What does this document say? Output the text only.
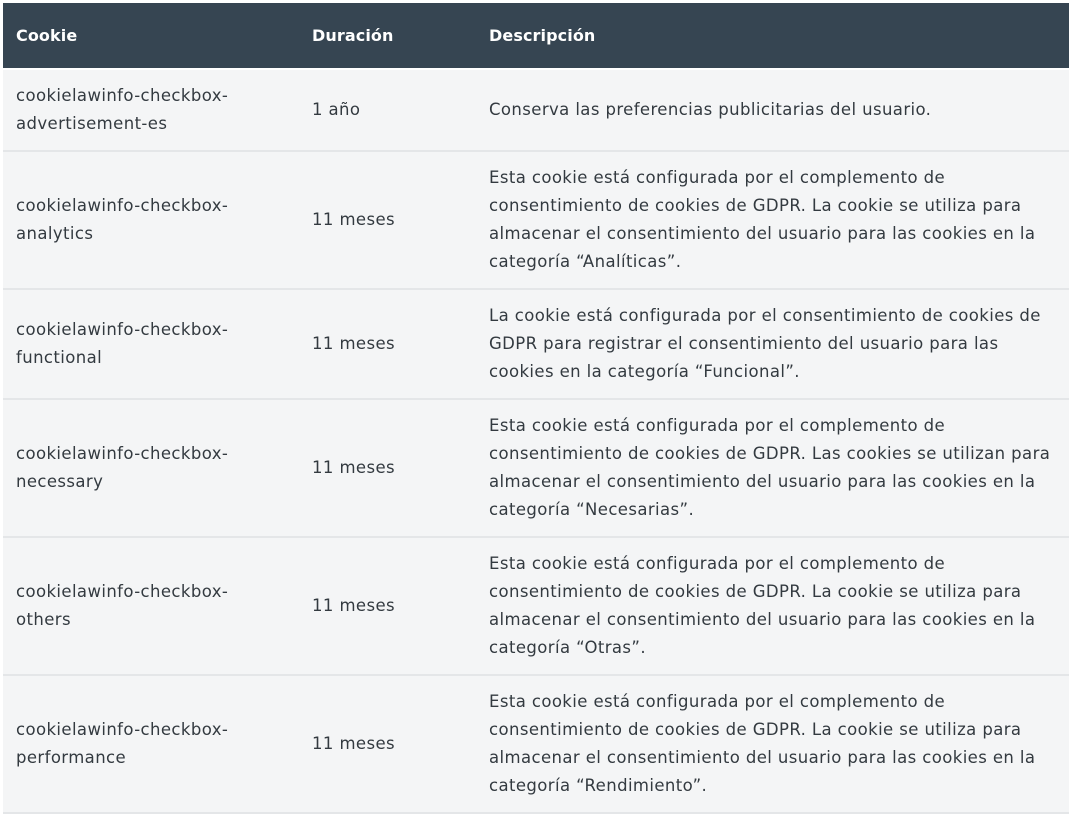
Cookie	Duración	Descripción
cookielawinfo-checkbox-
advertisement-es	1 año	Conserva las preferencias publicitarias del usuario.
cookielawinfo-checkbox-
analytics	11 meses	Esta cookie está configurada por el complemento de consentimiento de cookies de GDPR. La cookie se utiliza para almacenar el consentimiento del usuario para las cookies en la categoría “Analíticas”.
cookielawinfo-checkbox-
functional	11 meses	La cookie está configurada por el consentimiento de cookies de GDPR para registrar el consentimiento del usuario para las cookies en la categoría “Funcional”.
cookielawinfo-checkbox-
necessary	11 meses	Esta cookie está configurada por el complemento de consentimiento de cookies de GDPR. Las cookies se utilizan para almacenar el consentimiento del usuario para las cookies en la categoría “Necesarias”.
cookielawinfo-checkbox-
others	11 meses	Esta cookie está configurada por el complemento de consentimiento de cookies de GDPR. La cookie se utiliza para almacenar el consentimiento del usuario para las cookies en la categoría “Otras”.
cookielawinfo-checkbox-
performance	11 meses	Esta cookie está configurada por el complemento de consentimiento de cookies de GDPR. La cookie se utiliza para almacenar el consentimiento del usuario para las cookies en la categoría “Rendimiento”.
